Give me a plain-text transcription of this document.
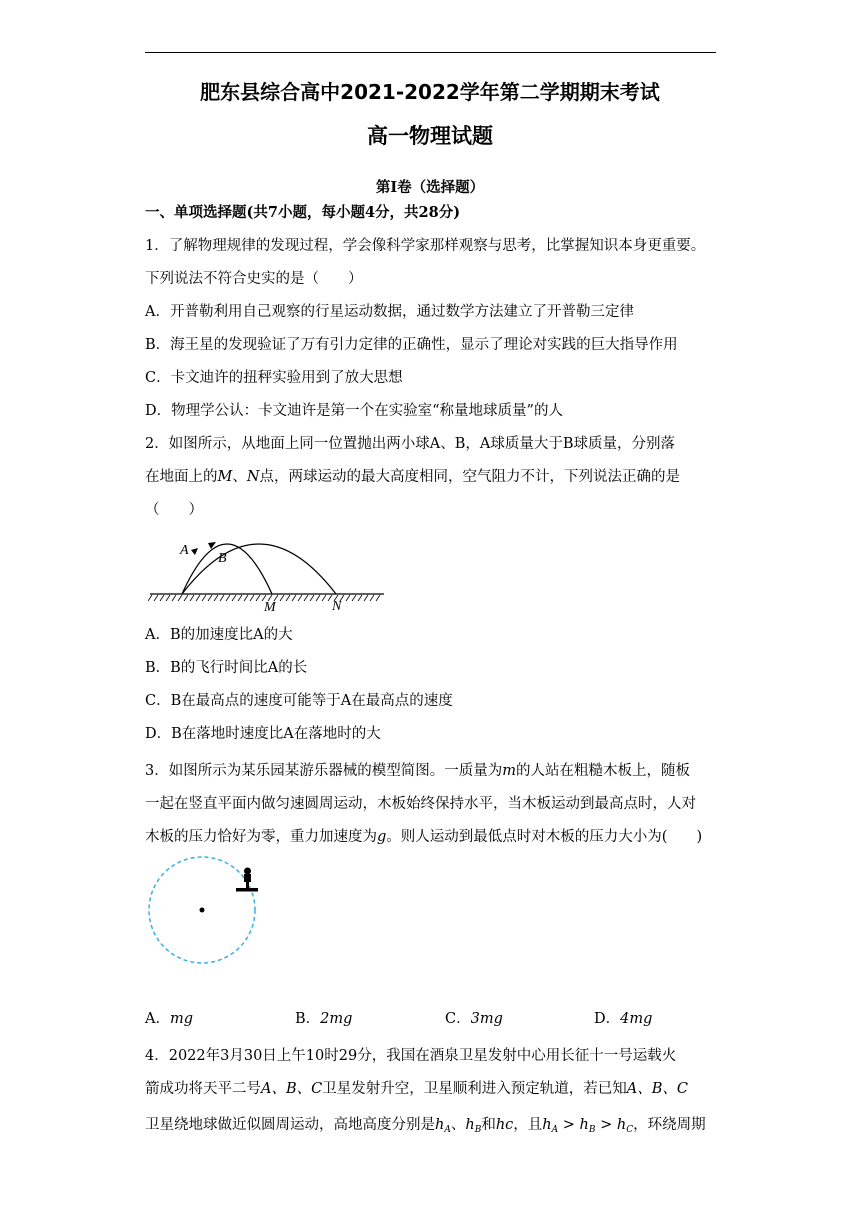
肥东县综合高中2021-2022学年第二学期期末考试
高一物理试题
第Ⅰ卷（选择题）
一、单项选择题(共7小题，每小题4分，共28分)
1．了解物理规律的发现过程，学会像科学家那样观察与思考，比掌握知识本身更重要。
下列说法不符合史实的是（　　）
A．开普勒利用自己观察的行星运动数据，通过数学方法建立了开普勒三定律
B．海王星的发现验证了万有引力定律的正确性，显示了理论对实践的巨大指导作用
C．卡文迪许的扭秤实验用到了放大思想
D．物理学公认：卡文迪许是第一个在实验室“称量地球质量”的人
2．如图所示，从地面上同一位置抛出两小球A、B，A球质量大于B球质量，分别落
在地面上的M、N点，两球运动的最大高度相同，空气阻力不计，下列说法正确的是
（　　）
A
B
M	N
A．B的加速度比A的大
B．B的飞行时间比A的长
C．B在最高点的速度可能等于A在最高点的速度
D．B在落地时速度比A在落地时的大
3．如图所示为某乐园某游乐器械的模型简图。一质量为m的人站在粗糙木板上，随板
一起在竖直平面内做匀速圆周运动，木板始终保持水平，当木板运动到最高点时，人对
木板的压力恰好为零，重力加速度为g。则人运动到最低点时对木板的压力大小为(　　)
A．mg	B．2mg	C．3mg	D．4mg
4．2022年3月30日上午10时29分，我国在酒泉卫星发射中心用长征十一号运载火
箭成功将天平二号A、B、C卫星发射升空，卫星顺利进入预定轨道，若已知A、B、C
卫星绕地球做近似圆周运动，高地高度分别是$h_A$、$h_B$和hc，且$h_A > h_B > h_C$，环绕周期
